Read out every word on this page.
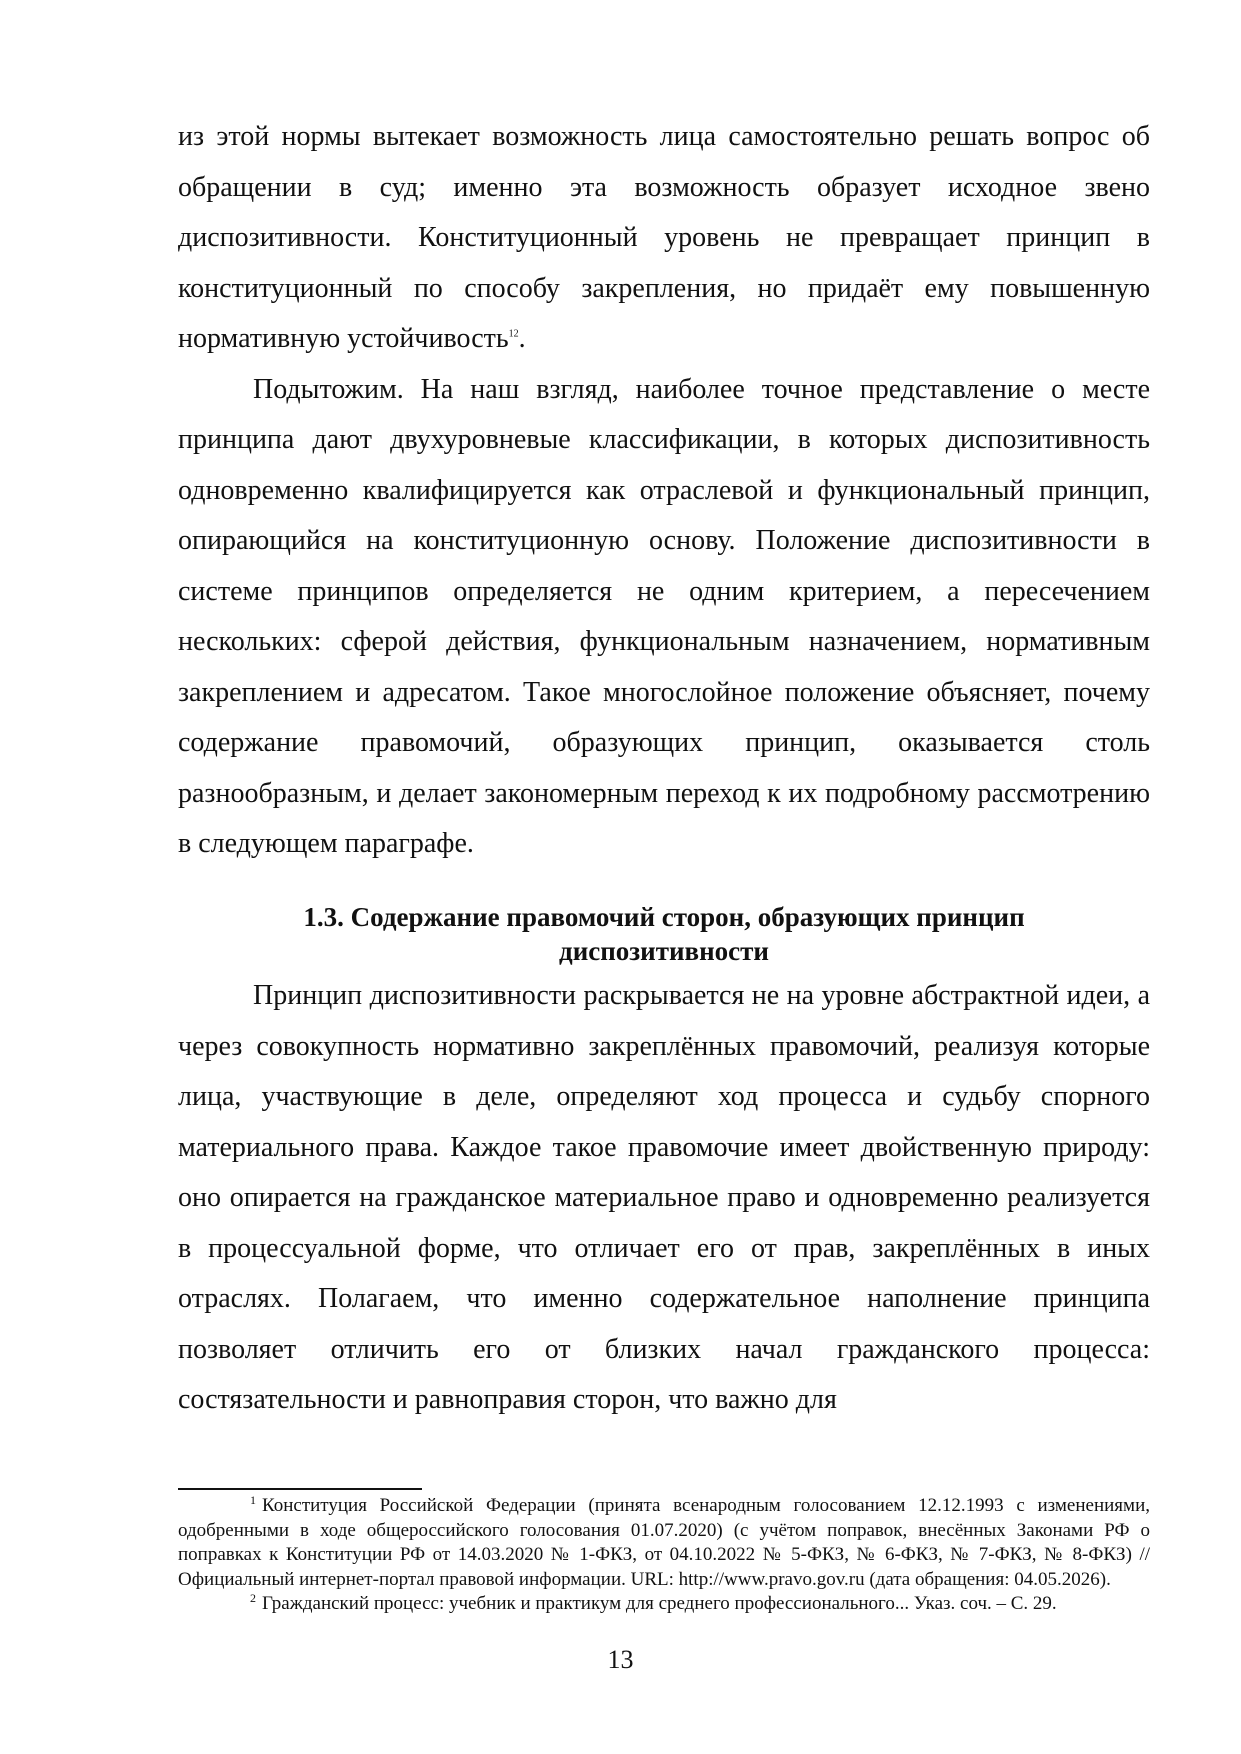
из этой нормы вытекает возможность лица самостоятельно решать вопрос об обращении в суд; именно эта возможность образует исходное звено диспозитивности. Конституционный уровень не превращает принцип в конституционный по способу закрепления, но придаёт ему повышенную нормативную устойчивость$^{12}$.

Подытожим. На наш взгляд, наиболее точное представление о месте принципа дают двухуровневые классификации, в которых диспозитивность одновременно квалифицируется как отраслевой и функциональный принцип, опирающийся на конституционную основу. Положение диспозитивности в системе принципов определяется не одним критерием, а пересечением нескольких: сферой действия, функциональным назначением, нормативным закреплением и адресатом. Такое многослойное положение объясняет, почему содержание правомочий, образующих принцип, оказывается столь разнообразным, и делает закономерным переход к их подробному рассмотрению в следующем параграфе.

1.3. Содержание правомочий сторон, образующих принцип
диспозитивности

Принцип диспозитивности раскрывается не на уровне абстрактной идеи, а через совокупность нормативно закреплённых правомочий, реализуя которые лица, участвующие в деле, определяют ход процесса и судьбу спорного материального права. Каждое такое правомочие имеет двойственную природу: оно опирается на гражданское материальное право и одновременно реализуется в процессуальной форме, что отличает его от прав, закреплённых в иных отраслях. Полагаем, что именно содержательное наполнение принципа позволяет отличить его от близких начал гражданского процесса: состязательности и равноправия сторон, что важно для

$^1$ Конституция Российской Федерации (принята всенародным голосованием 12.12.1993 с изменениями, одобренными в ходе общероссийского голосования 01.07.2020) (с учётом поправок, внесённых Законами РФ о поправках к Конституции РФ от 14.03.2020 № 1-ФКЗ, от 04.10.2022 № 5-ФКЗ, № 6-ФКЗ, № 7-ФКЗ, № 8-ФКЗ) // Официальный интернет-портал правовой информации. URL: http://www.pravo.gov.ru (дата обращения: 04.05.2026).

$^2$ Гражданский процесс: учебник и практикум для среднего профессионального... Указ. соч. – С. 29.

13
